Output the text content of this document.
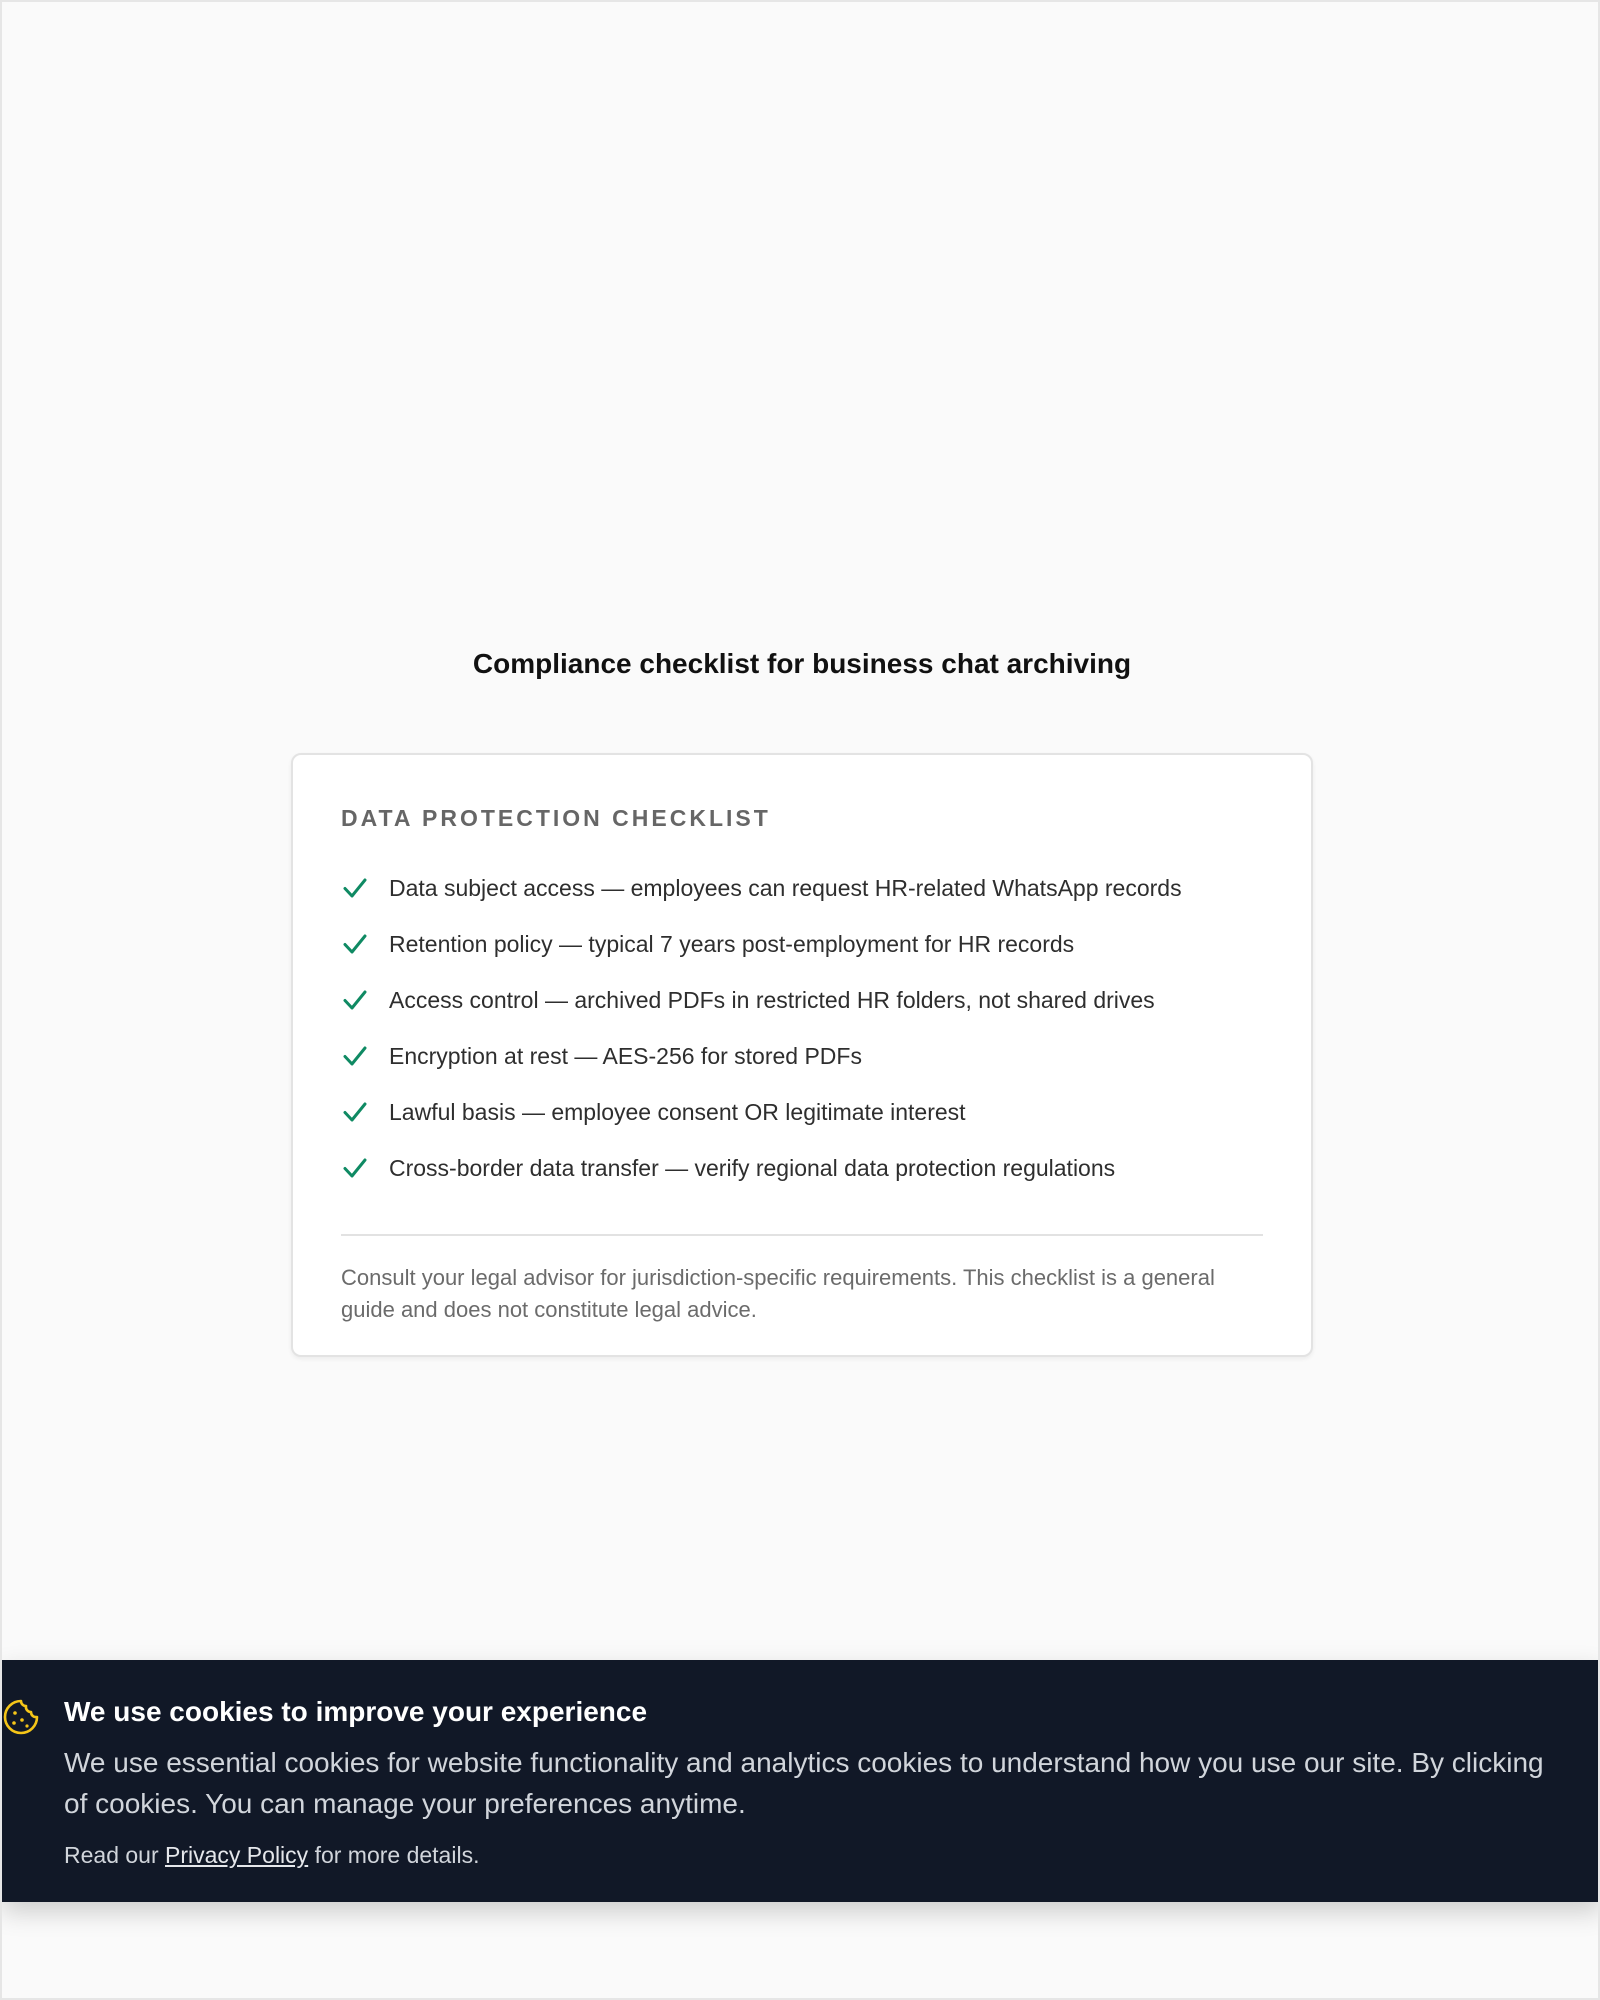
Compliance checklist for business chat archiving
DATA PROTECTION CHECKLIST
Data subject access — employees can request HR-related WhatsApp records
Retention policy — typical 7 years post-employment for HR records
Access control — archived PDFs in restricted HR folders, not shared drives
Encryption at rest — AES-256 for stored PDFs
Lawful basis — employee consent OR legitimate interest
Cross-border data transfer — verify regional data protection regulations

Consult your legal advisor for jurisdiction-specific requirements. This checklist is a general guide and does not constitute legal advice.

We use cookies to improve your experience

We use essential cookies for website functionality and analytics cookies to understand how you use our site. By clicking
of cookies. You can manage your preferences anytime.

Read our Privacy Policy for more details.
